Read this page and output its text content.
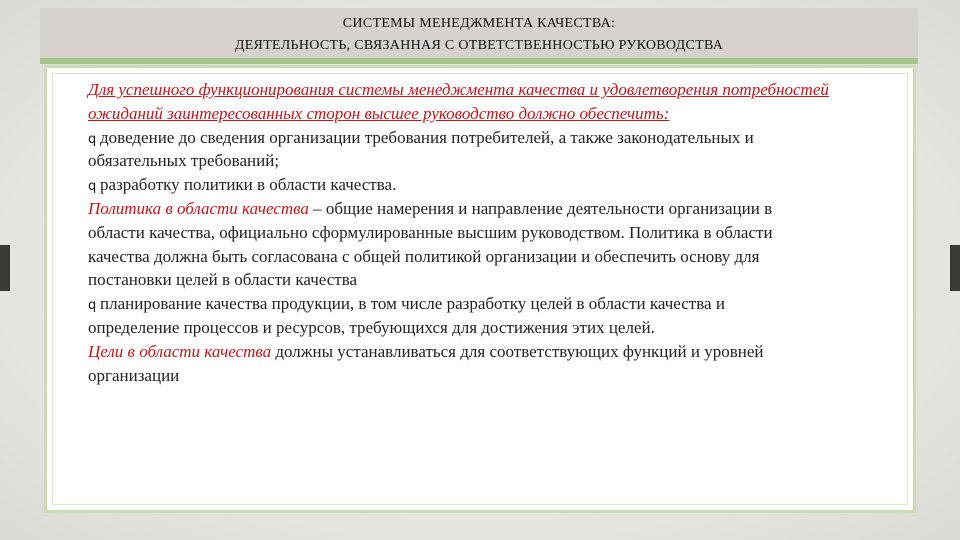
СИСТЕМЫ МЕНЕДЖМЕНТА КАЧЕСТВА:
ДЕЯТЕЛЬНОСТЬ, СВЯЗАННАЯ С ОТВЕТСТВЕННОСТЬЮ РУКОВОДСТВА
Для успешного функционирования системы менеджмента качества и удовлетворения потребностей
ожиданий заинтересованных сторон высшее руководство должно обеспечить:
q доведение до сведения организации требования потребителей, а также законодательных и
обязательных требований;
q разработку политики в области качества.
Политика в области качества – общие намерения и направление деятельности организации в
области качества, официально сформулированные высшим руководством. Политика в области
качества должна быть согласована с общей политикой организации и обеспечить основу для
постановки целей в области качества
q планирование качества продукции, в том числе разработку целей в области качества и
определение процессов и ресурсов, требующихся для достижения этих целей.
Цели в области качества должны устанавливаться для соответствующих функций и уровней
организации
